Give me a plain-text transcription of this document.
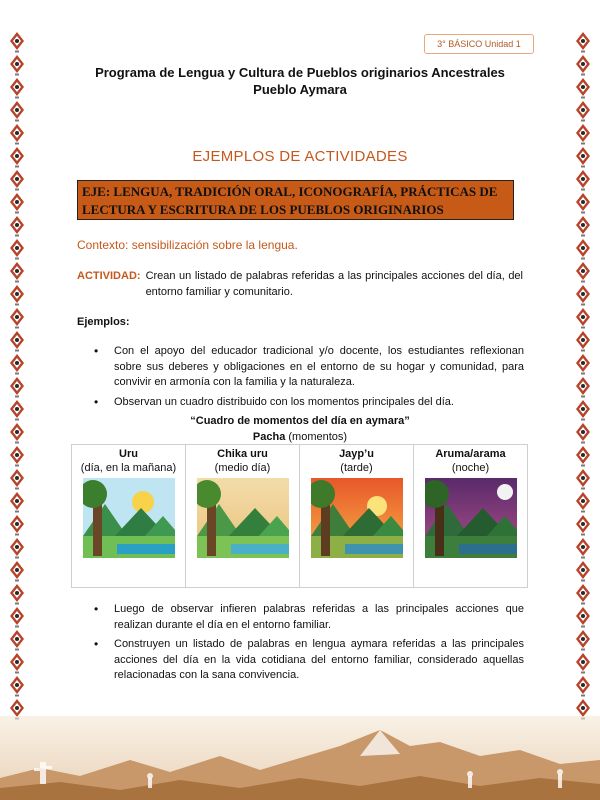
3° BÁSICO Unidad 1
Programa de Lengua y Cultura de Pueblos originarios Ancestrales
Pueblo Aymara
EJEMPLOS DE ACTIVIDADES
EJE: LENGUA, TRADICIÓN ORAL, ICONOGRAFÍA, PRÁCTICAS DE LECTURA Y ESCRITURA DE LOS PUEBLOS ORIGINARIOS
Contexto: sensibilización sobre la lengua.
ACTIVIDAD: Crean un listado de palabras referidas a las principales acciones del día, del entorno familiar y comunitario.
Ejemplos:
• Con el apoyo del educador tradicional y/o docente, los estudiantes reflexionan sobre sus deberes y obligaciones en el entorno de su hogar y comunidad, para convivir en armonía con la familia y la naturaleza.
• Observan un cuadro distribuido con los momentos principales del día.
“Cuadro de momentos del día en aymara”
Pacha (momentos)
Uru
(día, en la mañana)
Chika uru
(medio día)
Jayp’u
(tarde)
Aruma/arama
(noche)
• Luego de observar infieren palabras referidas a las principales acciones que realizan durante el día en el entorno familiar.
• Construyen un listado de palabras en lengua aymara referidas a las principales acciones del día en la vida cotidiana del entorno familiar, considerado aquellas relacionadas con la sana convivencia.
